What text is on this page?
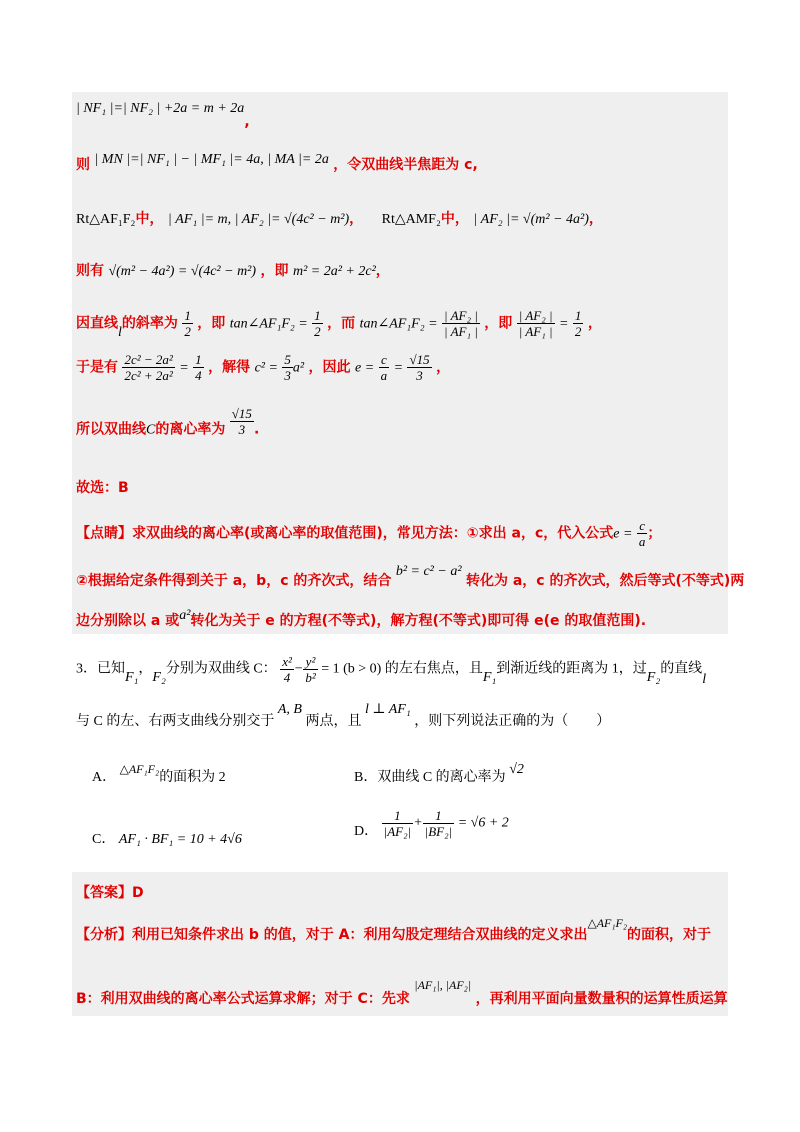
| NF₁ |=| NF₂ | +2a = m + 2a,
则 | MN |=| NF₁ | − | MF₁ |= 4a, | MA |= 2a ，令双曲线半焦距为 c,
Rt△AF₁F₂中， | AF₁ |= m, | AF₂ |= √(4c² − m²)， Rt△AMF₂中， | AF₂ |= √(m² − 4a²)，
则有 √(m² − 4a²) = √(4c² − m²) ，即 m² = 2a² + 2c²，
因直线l的斜率为 $\frac{1}{2}$ ，即 tan∠AF₁F₂ = $\frac{1}{2}$ ，而 tan∠AF₁F₂ = $\frac{\text{| AF₂ |}}{\text{| AF₁ |}}$ ，即 $\frac{\text{| AF₂ |}}{\text{| AF₁ |}} = \frac{1}{2}$ ，
于是有 $\frac{\text{2c² − 2a²}}{\text{2c² + 2a²}} = \frac{1}{4}$ ，解得 $c^2 = \frac{5}{3} a^2$ ，因此 $e = \frac{c}{a} = \frac{√15}{3}$ ，
所以双曲线C的离心率为 $\frac{√15}{3}$ .
故选：B
【点睛】求双曲线的离心率(或离心率的取值范围)，常见方法：①求出 a，c，代入公式$e = \frac{c}{a}$ ；
②根据给定条件得到关于 a，b，c 的齐次式，结合 b² = c² − a² 转化为 a，c 的齐次式，然后等式(不等式)两
边分别除以 a 或a²转化为关于 e 的方程(不等式)，解方程(不等式)即可得 e(e 的取值范围).
3．已知F₁，F₂分别为双曲线 C： $\frac{\text{x²}}{4} - \frac{\text{y²}}{\text{b²}} = 1$ (b > 0) 的左右焦点，且F₁到渐近线的距离为 1，过F₂的直线l
与 C 的左、右两支曲线分别交于 A, B 两点，且 l ⊥ AF₁ ，则下列说法正确的为（　　）
A． △AF₁F₂的面积为 2	B．双曲线 C 的离心率为 √2
C． AF₁ · BF₁ = 10 + 4√6
D． $\frac{1}{\text{|AF₂|}} + \frac{1}{\text{|BF₂|}} = √6 + 2$
【答案】D
【分析】利用已知条件求出 b 的值，对于 A：利用勾股定理结合双曲线的定义求出△AF₁F₂的面积，对于
B：利用双曲线的离心率公式运算求解；对于 C：先求 |AF₁|, |AF₂| ，再利用平面向量数量积的运算性质运算
